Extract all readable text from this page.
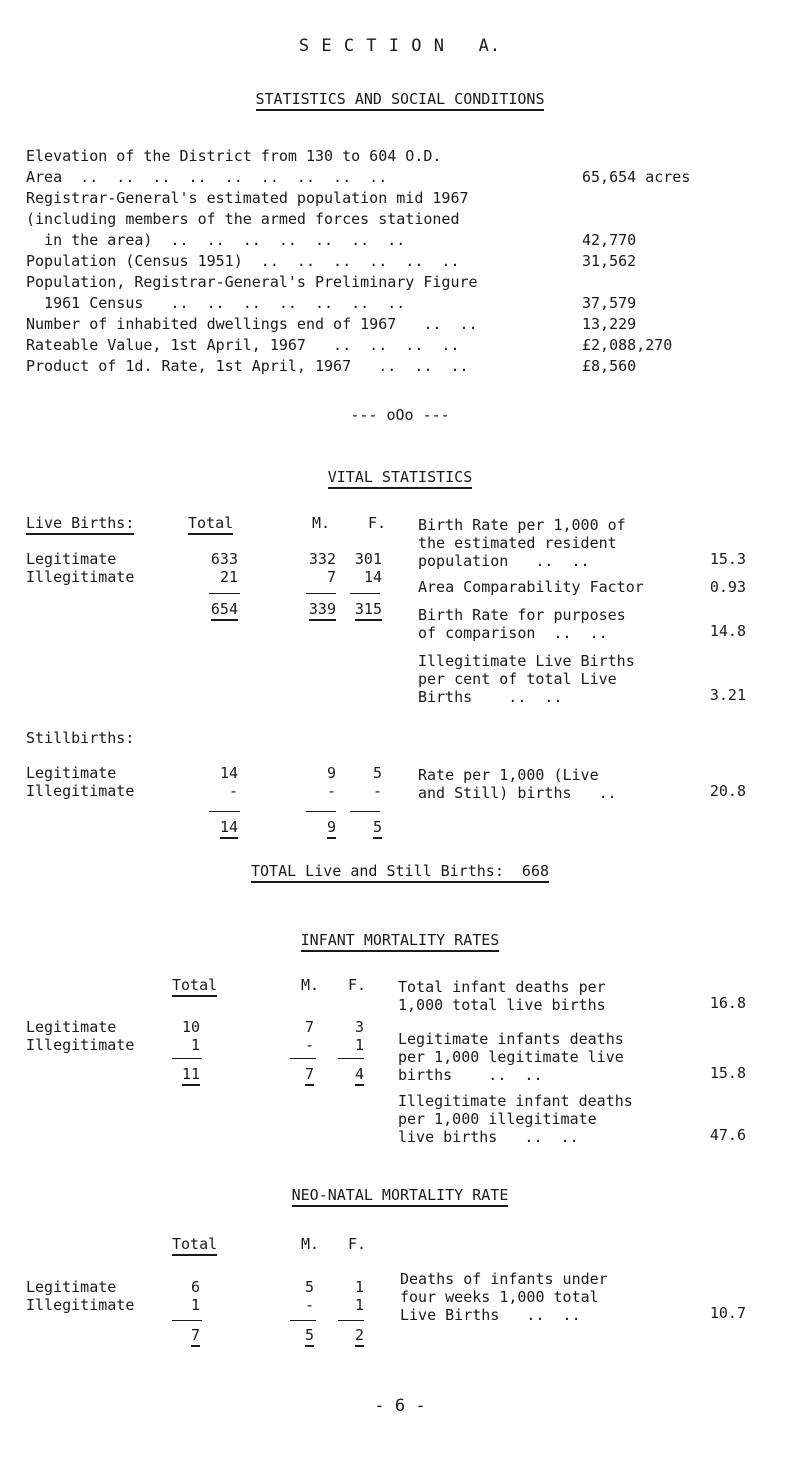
S E C T I O N   A.
STATISTICS AND SOCIAL CONDITIONS
Elevation of the District from 130 to 604 O.D.
Area  ..  ..  ..  ..  ..  ..  ..  ..  ..	65,654 acres
Registrar-General's estimated population mid 1967
(including members of the armed forces stationed
in the area)  ..  ..  ..  ..  ..  ..  ..	42,770
Population (Census 1951)  ..  ..  ..  ..  ..  ..	31,562
Population, Registrar-General's Preliminary Figure
1961 Census   ..  ..  ..  ..  ..  ..  ..	37,579
Number of inhabited dwellings end of 1967   ..  ..	13,229
Rateable Value, 1st April, 1967   ..  ..  ..  ..	£2,088,270
Product of 1d. Rate, 1st April, 1967   ..  ..  ..	£8,560
--- oOo ---
VITAL STATISTICS
Live Births:	Total	M.	F.
Legitimate	633	332	301
Illegitimate	21	7	14
654	339	315
Birth Rate per 1,000 of
the estimated resident
population   ..  ..	15.3
Area Comparability Factor	0.93
Birth Rate for purposes
of comparison  ..  ..	14.8
Illegitimate Live Births
per cent of total Live
Births    ..  ..	3.21
Stillbirths:
Legitimate	14	9	5
Illegitimate	-	-	-
14	9	5
Rate per 1,000 (Live
and Still) births   ..	20.8
TOTAL Live and Still Births:  668
INFANT MORTALITY RATES
Total	M. F.
Legitimate	10	7	3
Illegitimate	1	-	1
11	7	4
Total infant deaths per
1,000 total live births	16.8
Legitimate infants deaths
per 1,000 legitimate live
births    ..  ..	15.8
Illegitimate infant deaths
per 1,000 illegitimate
live births   ..  ..	47.6
NEO-NATAL MORTALITY RATE
Total	M. F.
Legitimate	6	5	1
Illegitimate	1	-	1
7	5	2
Deaths of infants under
four weeks 1,000 total
Live Births   ..  ..	10.7
- 6 -
